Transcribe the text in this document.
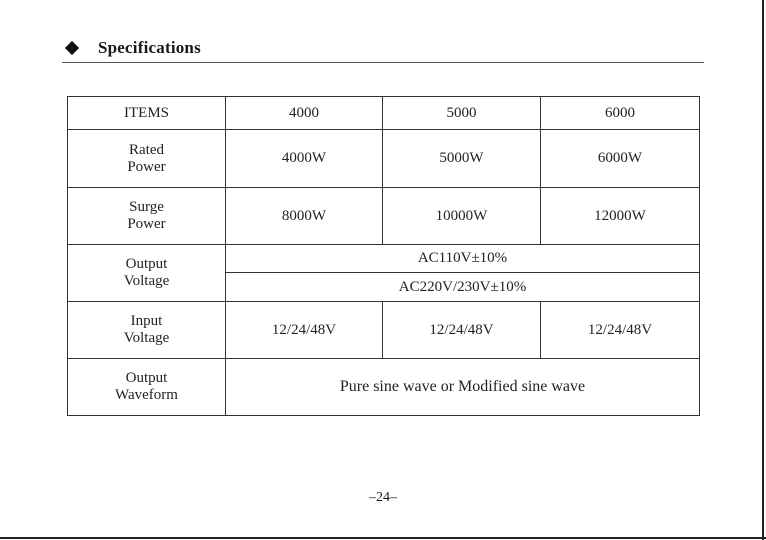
Specifications
ITEMS	4000	5000	6000

Rated
Power	4000W	5000W	6000W

Surge
Power	8000W	10000W	12000W

Output
Voltage	AC110V±10%		
	AC220V/230V±10%		

Input
Voltage	12/24/48V	12/24/48V	12/24/48V

Output
Waveform	Pure sine wave or Modified sine wave		
–24–
